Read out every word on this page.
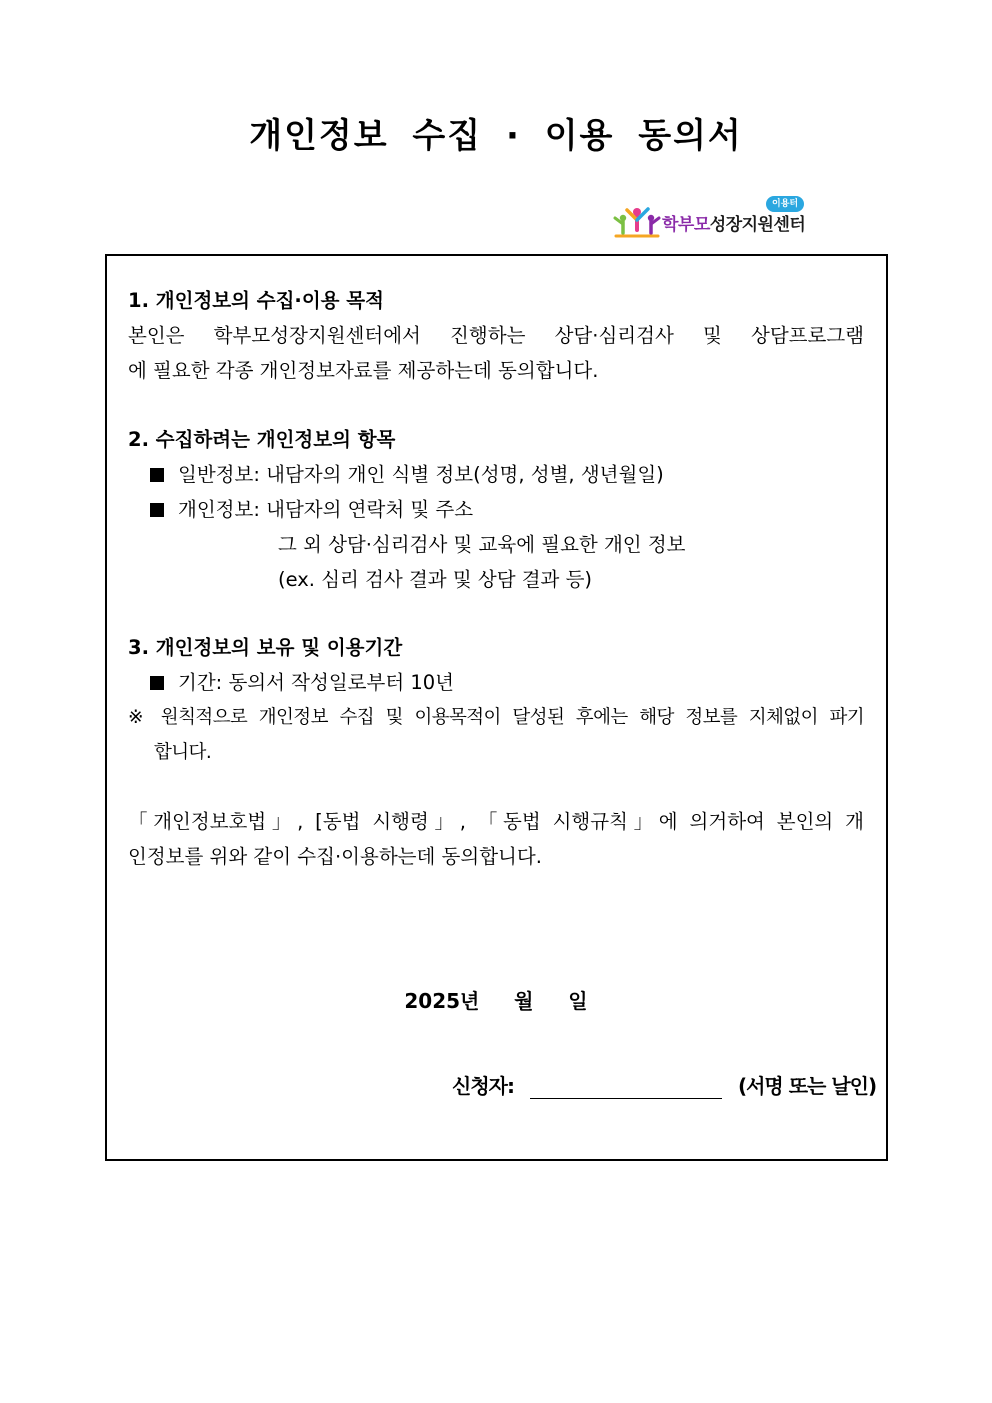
개인정보 수집 · 이용 동의서
학부모성장지원센터
이용터
1. 개인정보의 수집·이용 목적
본인은 학부모성장지원센터에서 진행하는 상담·심리검사 및 상담프로그램
에 필요한 각종 개인정보자료를 제공하는데 동의합니다.
2. 수집하려는 개인정보의 항목
일반정보: 내담자의 개인 식별 정보(성명, 성별, 생년월일)
개인정보: 내담자의 연락처 및 주소
그 외 상담·심리검사 및 교육에 필요한 개인 정보
(ex. 심리 검사 결과 및 상담 결과 등)
3. 개인정보의 보유 및 이용기간
기간: 동의서 작성일로부터 10년
※ 원칙적으로 개인정보 수집 및 이용목적이 달성된 후에는 해당 정보를 지체없이 파기
합니다.
「개인정보호법」, [동법 시행령」, 「동법 시행규칙」에 의거하여 본인의 개
인정보를 위와 같이 수집·이용하는데 동의합니다.
2025년     월     일
신청자:	(서명 또는 날인)
